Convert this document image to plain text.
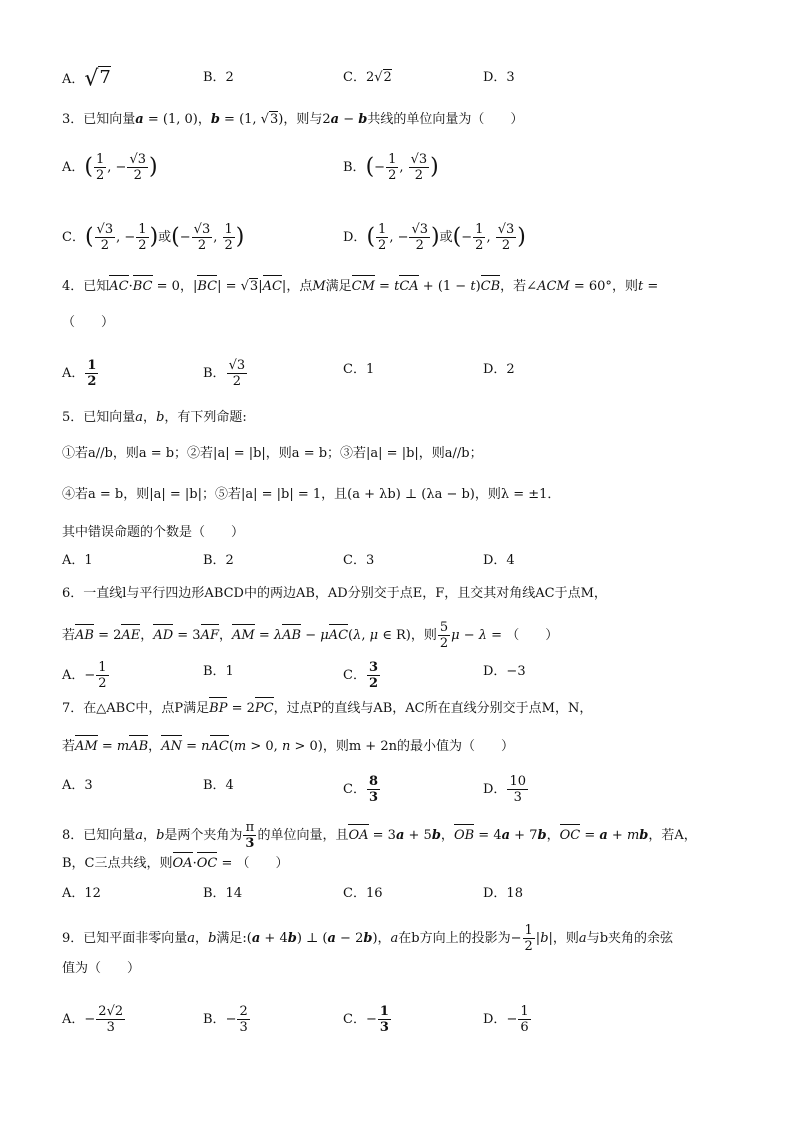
A．√7	B．2	C．2√2	D．3
3．已知向量a = (1, 0)，b = (1, √3)，则与2a − b共线的单位向量为（　　）
A．( $\frac{1}{2}$ , − $\frac{√3}{2}$ )	B．(− $\frac{1}{2}$ , $\frac{√3}{2}$ )
C．( $\frac{√3}{2}$ , − $\frac{1}{2}$ )或(− $\frac{√3}{2}$ , $\frac{1}{2}$ )	D．( $\frac{1}{2}$ , − $\frac{√3}{2}$ )或(− $\frac{1}{2}$ , $\frac{√3}{2}$ )
4．已知AC·BC = 0，|BC| = √3|AC|，点M满足CM = tCA + (1 − t)CB，若∠ACM = 60°，则t =
（　　）
A． $\frac{1}{2}$	B． $\frac{√3}{2}$	C．1	D．2
5．已知向量a，b，有下列命题:
①若a//b，则a = b；②若|a| = |b|，则a = b；③若|a| = |b|，则a//b；
④若a = b，则|a| = |b|；⑤若|a| = |b| = 1，且(a + λb) ⊥ (λa − b)，则λ = ±1．
其中错误命题的个数是（　　）
A．1	B．2	C．3	D．4
6．一直线l与平行四边形ABCD中的两边AB，AD分别交于点E，F，且交其对角线AC于点M，
若AB = 2AE，AD = 3AF，AM = λAB − μAC(λ, μ ∈ R)，则 $\frac{5}{2}$ μ − λ = （　　）
A．− $\frac{1}{2}$	B．1	C． $\frac{3}{2}$	D．−3
7．在△ABC中，点P满足BP = 2PC，过点P的直线与AB，AC所在直线分别交于点M，N，
若AM = mAB，AN = nAC(m > 0, n > 0)，则m + 2n的最小值为（　　）
A．3	B．4	C． $\frac{8}{3}$	D． $\frac{10}{3}$
8．已知向量a，b是两个夹角为 $\frac{\pi}{3}$ 的单位向量，且OA = 3a + 5b，OB = 4a + 7b，OC = a + mb，若A，
B，C三点共线，则OA·OC = （　　）
A．12	B．14	C．16	D．18
9．已知平面非零向量a，b满足:(a + 4b) ⊥ (a − 2b)，a在b方向上的投影为− $\frac{1}{2} |b|$，则a与b夹角的余弦
值为（　　）
A．− $\frac{2√2}{3}$	B．− $\frac{2}{3}$	C．− $\frac{1}{3}$	D．− $\frac{1}{6}$
